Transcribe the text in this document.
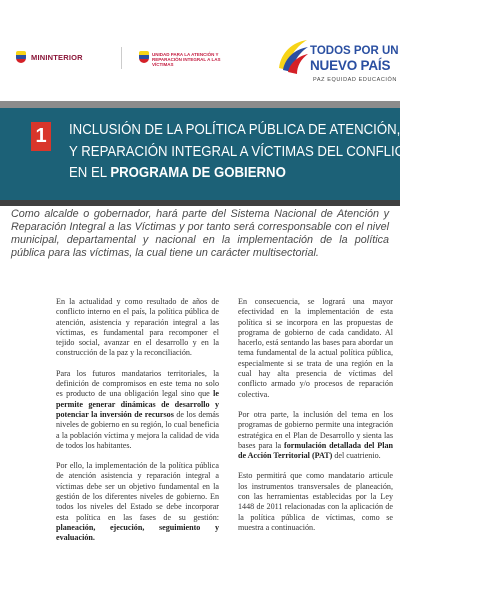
MININTERIOR	UNIDAD PARA LA ATENCIÓN Y REPARACIÓN INTEGRAL A LAS VÍCTIMAS
TODOS POR UN
NUEVO PAÍS
PAZ EQUIDAD EDUCACIÓN
1 INCLUSIÓN DE LA POLÍTICA PÚBLICA DE ATENCIÓN, ASISTENCIA
Y REPARACIÓN INTEGRAL A VÍCTIMAS DEL CONFLICTO ARMADO
EN EL PROGRAMA DE GOBIERNO
Como alcalde o gobernador, hará parte del Sistema Nacional de Atención y Reparación Integral a las Víctimas y por tanto será corresponsable con el nivel municipal, departamental y nacional en la implementación de la política pública para las víctimas, la cual tiene un carácter multisectorial.

En la actualidad y como resultado de años de conflicto interno en el país, la política pública de atención, asistencia y reparación integral a las víctimas, es fundamental para recomponer el tejido social, avanzar en el desarrollo y en la construcción de la paz y la reconciliación.

Para los futuros mandatarios territoriales, la definición de compromisos en este tema no solo es producto de una obligación legal sino que le permite generar dinámicas de desarrollo y potenciar la inversión de recursos de los demás niveles de gobierno en su región, lo cual beneficia a la población víctima y mejora la calidad de vida de todos los habitantes.

Por ello, la implementación de la política pública de atención asistencia y reparación integral a víctimas debe ser un objetivo fundamental en la gestión de los diferentes niveles de gobierno. En todos los niveles del Estado se debe incorporar esta política en las fases de su gestión: planeación, ejecución, seguimiento y evaluación.

En consecuencia, se logrará una mayor efectividad en la implementación de esta política si se incorpora en las propuestas de programa de gobierno de cada candidato. Al hacerlo, está sentando las bases para abordar un tema fundamental de la actual política pública, especialmente si se trata de una región en la cual hay alta presencia de víctimas del conflicto armado y/o procesos de reparación colectiva.

Por otra parte, la inclusión del tema en los programas de gobierno permite una integración estratégica en el Plan de Desarrollo y sienta las bases para la formulación detallada del Plan de Acción Territorial (PAT) del cuatrienio.

Esto permitirá que como mandatario articule los instrumentos transversales de planeación, con las herramientas establecidas por la Ley 1448 de 2011 relacionadas con la aplicación de la política pública de víctimas, como se muestra a continuación.
